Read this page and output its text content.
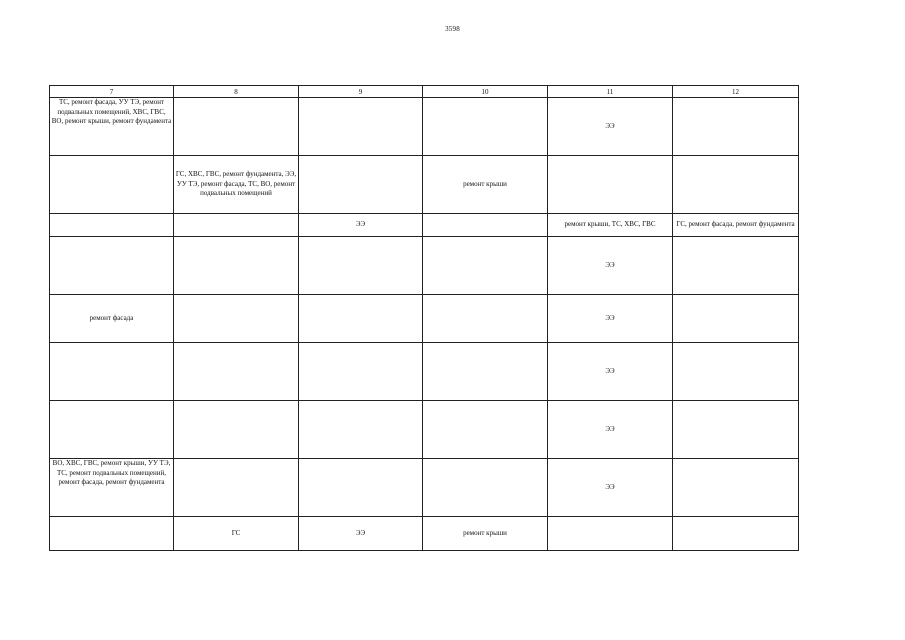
3598
7	8	9	10	11	12
ТС, ремонт фасада, УУ ТЭ, ремонт подвальных помещений, ХВС, ГВС, ВО, ремонт крыши, ремонт фундамента				ЭЭ	
	ГС, ХВС, ГВС, ремонт фундамента, ЭЭ, УУ ТЭ, ремонт фасада, ТС, ВО, ремонт подвальных помещений		ремонт крыши		
		ЭЭ		ремонт крыши, ТС, ХВС, ГВС	ГС, ремонт фасада, ремонт фундамента
				ЭЭ	
ремонт фасада				ЭЭ	
				ЭЭ	
				ЭЭ	
ВО, ХВС, ГВС, ремонт крыши, УУ ТЭ, ТС, ремонт подвальных помещений, ремонт фасада, ремонт фундамента				ЭЭ	
	ГС	ЭЭ	ремонт крыши		
